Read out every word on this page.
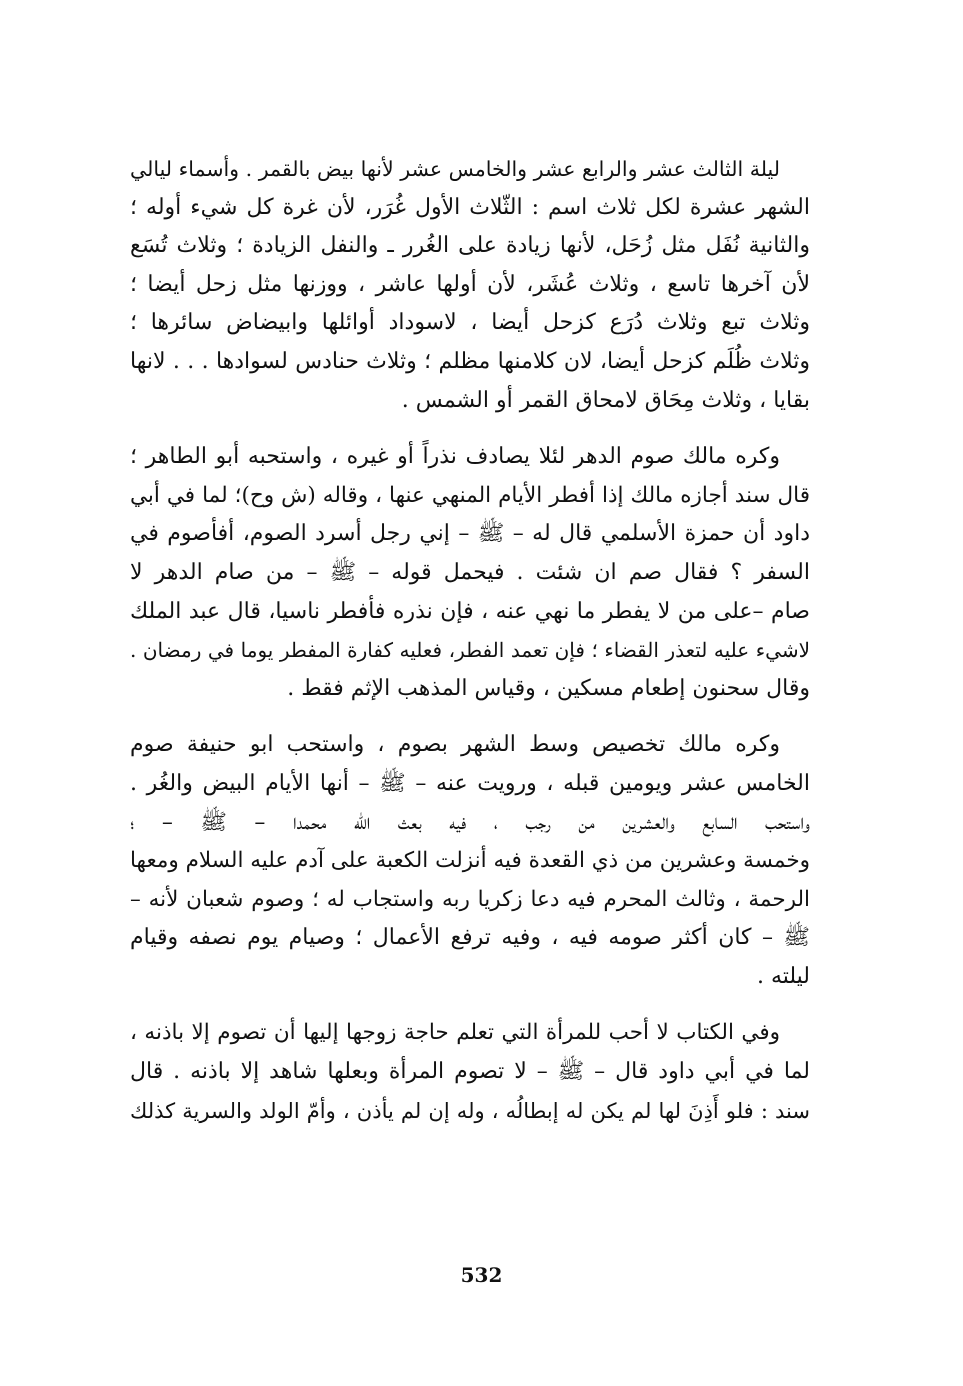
ليلة الثالث عشر والرابع عشر والخامس عشر لأنها بيض بالقمر . وأسماء ليالي
الشهر عشرة لكل ثلاث اسم : الثّلاث الأول غُرَر، لأن غرة كل شيء أوله ؛
والثانية نُفَل مثل زُحَل، لأنها زيادة على الغُرر ـ والنفل الزيادة ؛ وثلاث تُسَع
لأن آخرها تاسع ، وثلاث عُشَر، لأن أولها عاشر ، ووزنها مثل زحل أيضا ؛
وثلاث تبع وثلاث دُرَع كزحل أيضا ، لاسوداد أوائلها وابيضاض سائرها ؛
وثلاث ظُلَم كزحل أيضا، لان كلامنها مظلم ؛ وثلاث حنادس لسوادها . . . لانها
بقايا ، وثلاث مِحَاق لامحاق القمر أو الشمس .
وكره مالك صوم الدهر لئلا يصادف نذراً أو غيره ، واستحبه أبو الطاهر ؛
قال سند أجازه مالك إذا أفطر الأيام المنهي عنها ، وقاله (ش وح)؛ لما في أبي
داود أن حمزة الأسلمي قال له – ﷺ – إني رجل أسرد الصوم، أفأصوم في
السفر ؟ فقال صم ان شئت . فيحمل قوله – ﷺ – من صام الدهر لا
صام –على من لا يفطر ما نهي عنه ، فإن نذره فأفطر ناسيا، قال عبد الملك
لاشيء عليه لتعذر القضاء ؛ فإن تعمد الفطر، فعليه كفارة المفطر يوما في رمضان .
وقال سحنون إطعام مسكين ، وقياس المذهب الإثم فقط .
وكره مالك تخصيص وسط الشهر بصوم ، واستحب ابو حنيفة صوم
الخامس عشر ويومين قبله ، ورويت عنه – ﷺ – أنها الأيام البيض والغُر .
واستحب السابع والعشرين من رجب ، فيه بعث الله محمدا – ﷺ – ؛
وخمسة وعشرين من ذي القعدة فيه أنزلت الكعبة على آدم عليه السلام ومعها
الرحمة ، وثالث المحرم فيه دعا زكريا ربه واستجاب له ؛ وصوم شعبان لأنه –
ﷺ – كان أكثر صومه فيه ، وفيه ترفع الأعمال ؛ وصيام يوم نصفه وقيام
ليلته .
وفي الكتاب لا أحب للمرأة التي تعلم حاجة زوجها إليها أن تصوم إلا باذنه ،
لما في أبي داود قال – ﷺ – لا تصوم المرأة وبعلها شاهد إلا باذنه . قال
سند : فلو أَذِنَ لها لم يكن له إبطالُه ، وله إن لم يأذن ، وأمّ الولد والسرية كذلك
532
